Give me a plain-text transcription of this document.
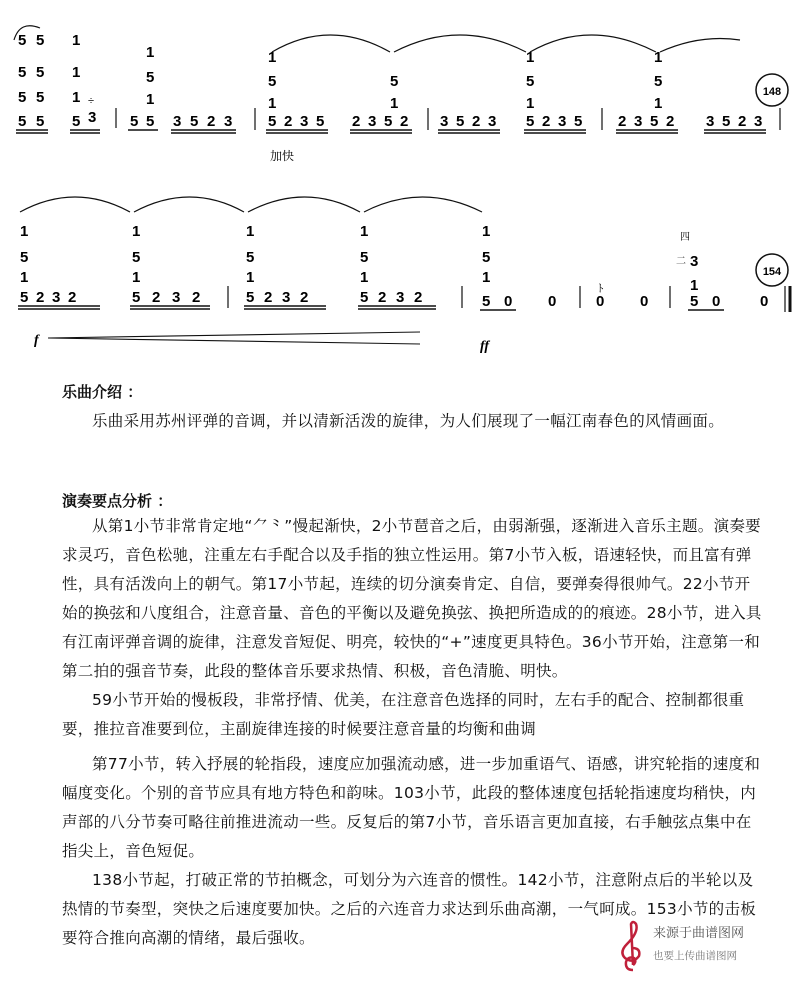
5 5
5 5
5 5
5 5
1
1
1
5 3
÷
1
5
1
5 5 3 5 2 3
1
5
1
5 2 3 5 2 3 5 2
5
1
3 5 2 3
1
5
1
5 2 3 5 2 3 5 2
1
5
1
3 5 2 3
148
加快
1
5
1
5 2 3 2
1
5
1
5 2 3 2
1
5
1
5 2 3 2
1
5
1
5 2 3 2
1
5
1
5 0 0
ﾄ
0 0
四
二 3
1
5 0	0
154
f	ff
乐曲介绍 ：

乐曲采用苏州评弹的音调，并以清新活泼的旋律，为人们展现了一幅江南春色的风情画面。

演奏要点分析 ：

从第1小节非常肯定地“⺈⺀”慢起渐快，2小节琶音之后，由弱渐强，逐渐进入音乐主题。演奏要求灵巧，音色松驰，注重左右手配合以及手指的独立性运用。第7小节入板，语速轻快，而且富有弹性，具有活泼向上的朝气。第17小节起，连续的切分演奏肯定、自信，要弹奏得很帅气。22小节开始的换弦和八度组合，注意音量、音色的平衡以及避免换弦、换把所造成的的痕迹。28小节，进入具有江南评弹音调的旋律，注意发音短促、明亮，较快的“+”速度更具特色。36小节开始，注意第一和第二拍的强音节奏，此段的整体音乐要求热情、积极，音色清脆、明快。

59小节开始的慢板段，非常抒情、优美，在注意音色选择的同时，左右手的配合、控制都很重要，推拉音准要到位，主副旋律连接的时候要注意音量的均衡和曲调

第77小节，转入抒展的轮指段，速度应加强流动感，进一步加重语气、语感，讲究轮指的速度和幅度变化。个别的音节应具有地方特色和韵味。103小节，此段的整体速度包括轮指速度均稍快，内声部的八分节奏可略往前推进流动一些。反复后的第7小节，音乐语言更加直接，右手触弦点集中在指尖上，音色短促。

138小节起，打破正常的节拍概念，可划分为六连音的惯性。142小节，注意附点后的半轮以及热情的节奏型，突快之后速度要加快。之后的六连音力求达到乐曲高潮，一气呵成。153小节的击板要符合推向高潮的情绪，最后强收。	来源于曲谱图网
也要上传曲谱图网
